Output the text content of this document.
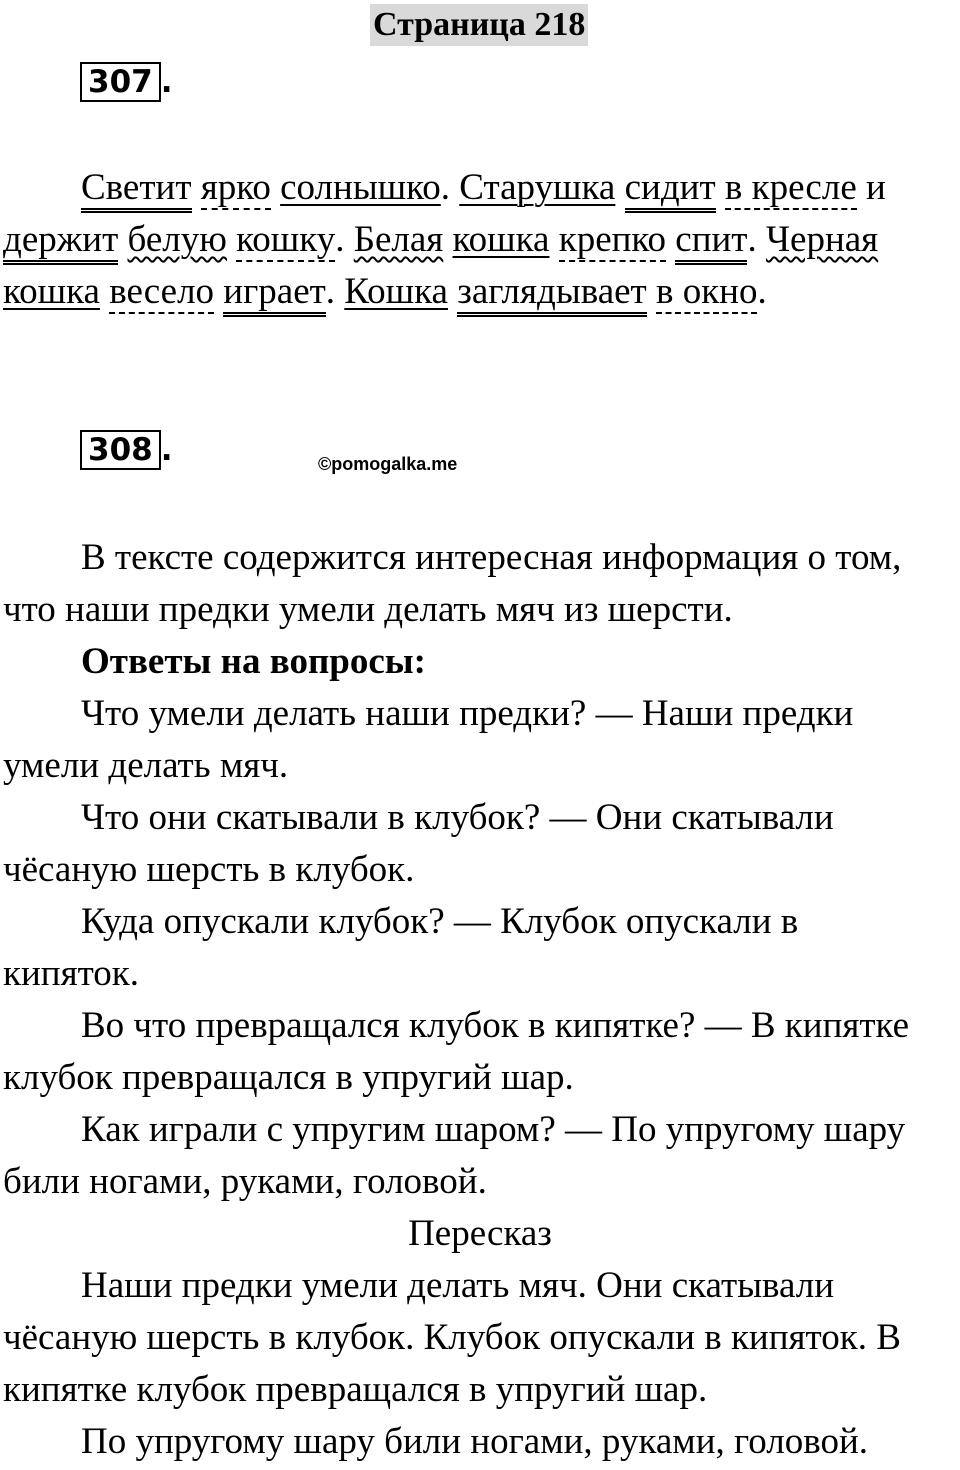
Страница 218
307 .
Светит ярко солнышко. Старушка сидит в кресле и
держит белую кошку. Белая кошка крепко спит. Черная
кошка весело играет. Кошка заглядывает в окно.
308 .	©pomogalka.me
В тексте содержится интересная информация о том,
что наши предки умели делать мяч из шерсти.
Ответы на вопросы:
Что умели делать наши предки? — Наши предки
умели делать мяч.
Что они скатывали в клубок? — Они скатывали
чёсаную шерсть в клубок.
Куда опускали клубок? — Клубок опускали в
кипяток.
Во что превращался клубок в кипятке? — В кипятке
клубок превращался в упругий шар.
Как играли с упругим шаром? — По упругому шару
били ногами, руками, головой.
Пересказ
Наши предки умели делать мяч. Они скатывали
чёсаную шерсть в клубок. Клубок опускали в кипяток. В
кипятке клубок превращался в упругий шар.
По упругому шару били ногами, руками, головой.
